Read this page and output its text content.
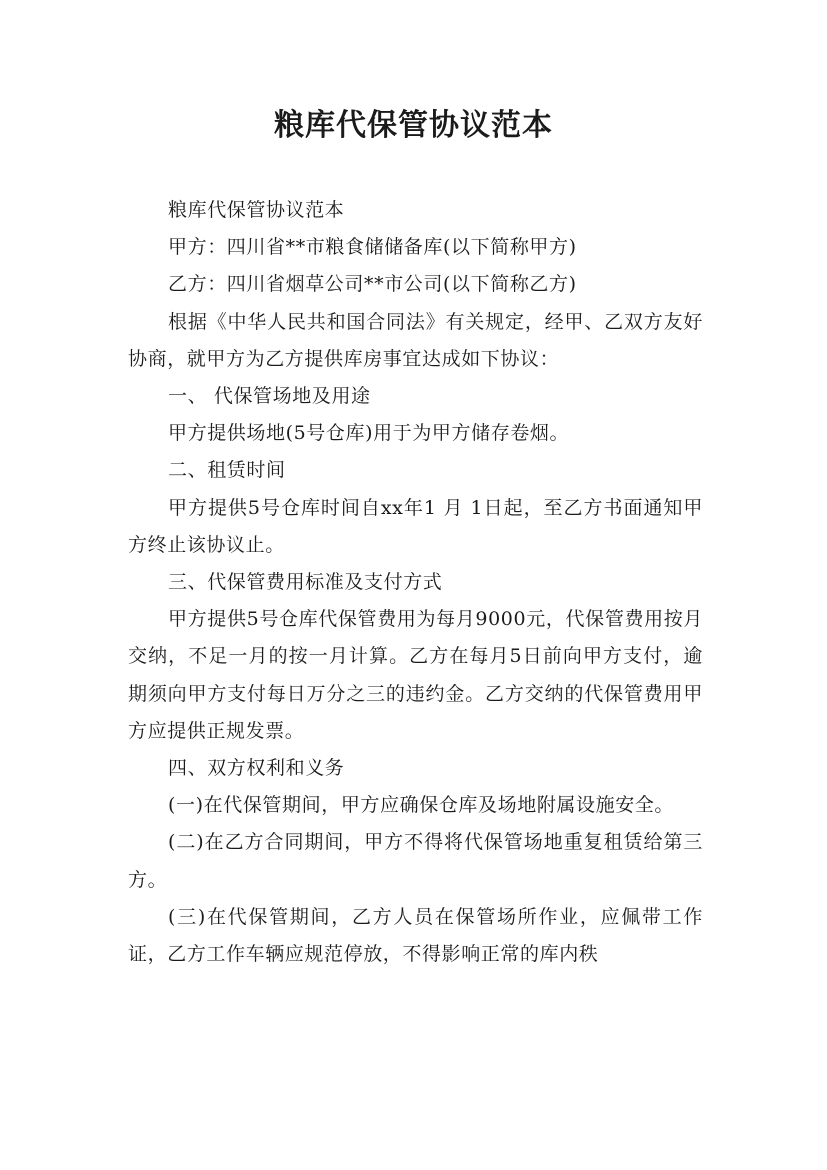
粮库代保管协议范本

粮库代保管协议范本

甲方：四川省**市粮食储储备库(以下简称甲方)

乙方：四川省烟草公司**市公司(以下简称乙方)

根据《中华人民共和国合同法》有关规定，经甲、乙双方友好协商，就甲方为乙方提供库房事宜达成如下协议：

一、 代保管场地及用途

甲方提供场地(5号仓库)用于为甲方储存卷烟。

二、租赁时间

甲方提供5号仓库时间自xx年1 月 1日起，至乙方书面通知甲方终止该协议止。

三、代保管费用标准及支付方式

甲方提供5号仓库代保管费用为每月9000元，代保管费用按月交纳，不足一月的按一月计算。乙方在每月5日前向甲方支付，逾期须向甲方支付每日万分之三的违约金。乙方交纳的代保管费用甲方应提供正规发票。

四、双方权利和义务

(一)在代保管期间，甲方应确保仓库及场地附属设施安全。

(二)在乙方合同期间，甲方不得将代保管场地重复租赁给第三方。

(三)在代保管期间，乙方人员在保管场所作业，应佩带工作证，乙方工作车辆应规范停放，不得影响正常的库内秩
